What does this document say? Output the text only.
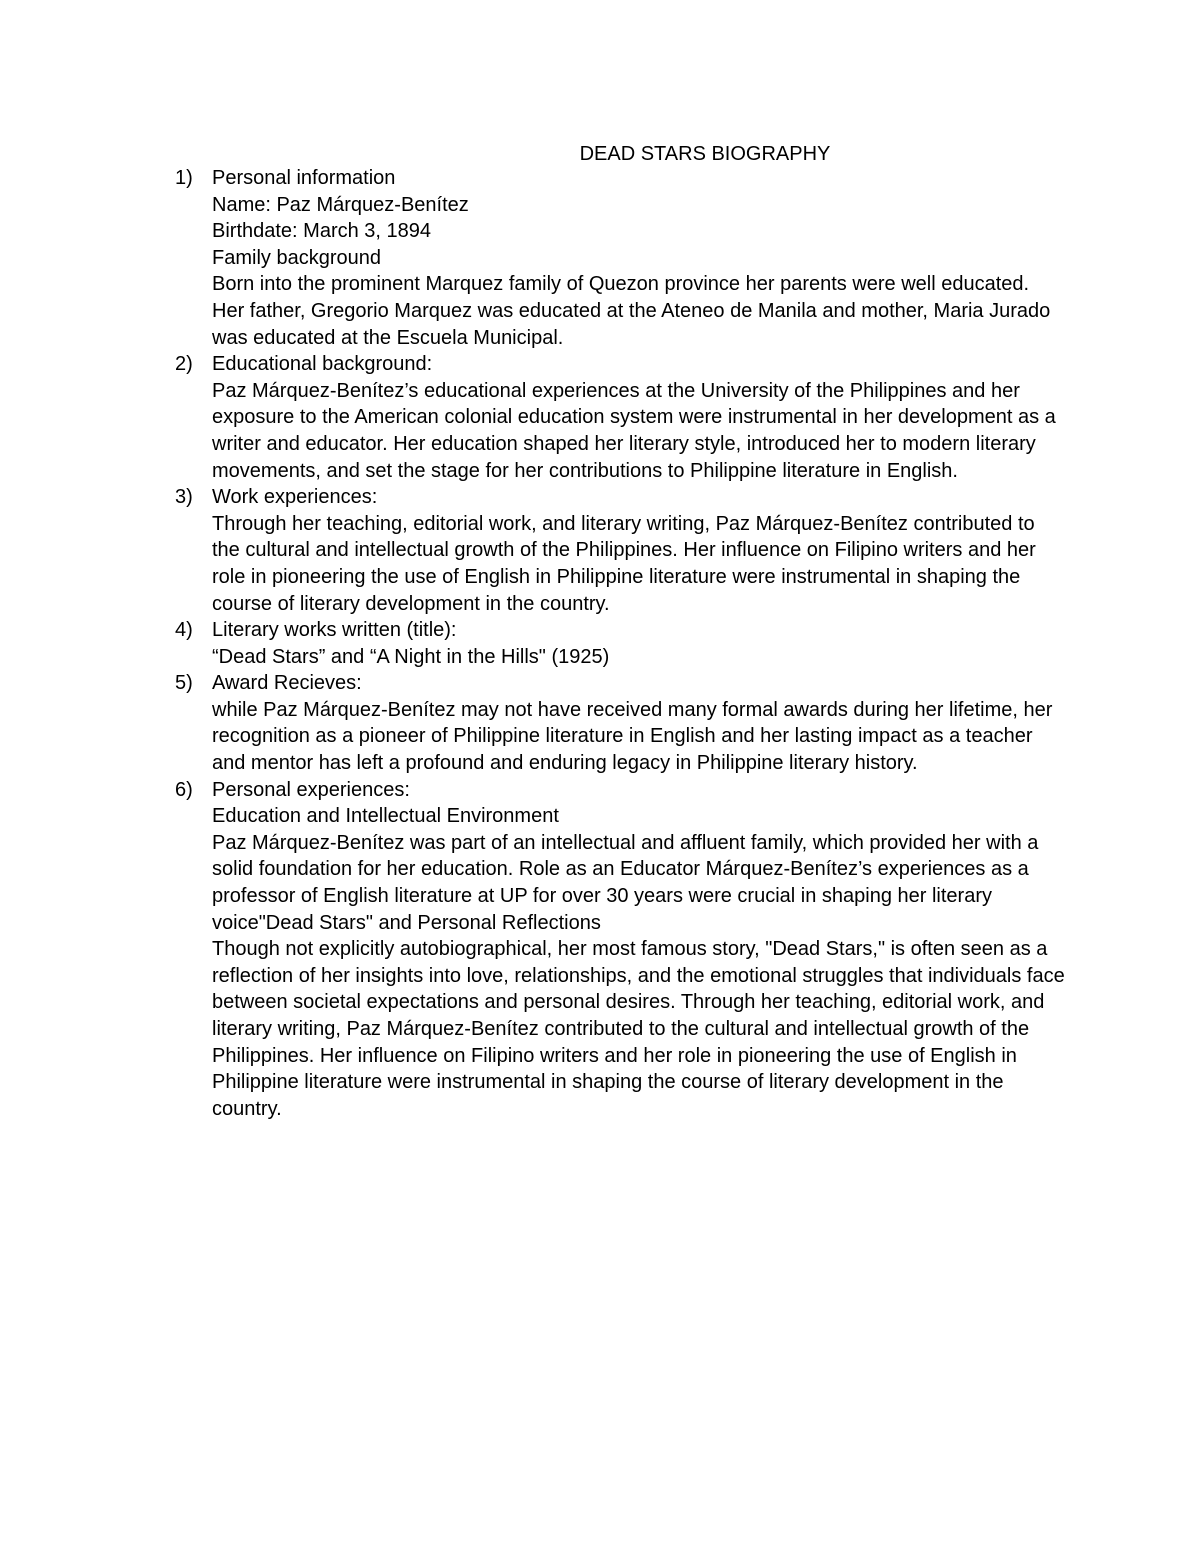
DEAD STARS BIOGRAPHY
1) Personal information
Name: Paz Márquez-Benítez
Birthdate: March 3, 1894
Family background
Born into the prominent Marquez family of Quezon province her parents were well educated. Her father, Gregorio Marquez was educated at the Ateneo de Manila and mother, Maria Jurado was educated at the Escuela Municipal.
2) Educational background:
Paz Márquez-Benítez’s educational experiences at the University of the Philippines and her exposure to the American colonial education system were instrumental in her development as a writer and educator. Her education shaped her literary style, introduced her to modern literary movements, and set the stage for her contributions to Philippine literature in English.
3) Work experiences:
Through her teaching, editorial work, and literary writing, Paz Márquez-Benítez contributed to the cultural and intellectual growth of the Philippines. Her influence on Filipino writers and her role in pioneering the use of English in Philippine literature were instrumental in shaping the course of literary development in the country.
4) Literary works written (title):
“Dead Stars” and “A Night in the Hills" (1925)
5) Award Recieves:
while Paz Márquez-Benítez may not have received many formal awards during her lifetime, her recognition as a pioneer of Philippine literature in English and her lasting impact as a teacher and mentor has left a profound and enduring legacy in Philippine literary history.
6) Personal experiences:
Education and Intellectual Environment
Paz Márquez-Benítez was part of an intellectual and affluent family, which provided her with a solid foundation for her education. Role as an Educator Márquez-Benítez’s experiences as a professor of English literature at UP for over 30 years were crucial in shaping her literary voice"Dead Stars" and Personal Reflections
Though not explicitly autobiographical, her most famous story, "Dead Stars," is often seen as a reflection of her insights into love, relationships, and the emotional struggles that individuals face between societal expectations and personal desires. Through her teaching, editorial work, and literary writing, Paz Márquez-Benítez contributed to the cultural and intellectual growth of the Philippines. Her influence on Filipino writers and her role in pioneering the use of English in Philippine literature were instrumental in shaping the course of literary development in the country.
